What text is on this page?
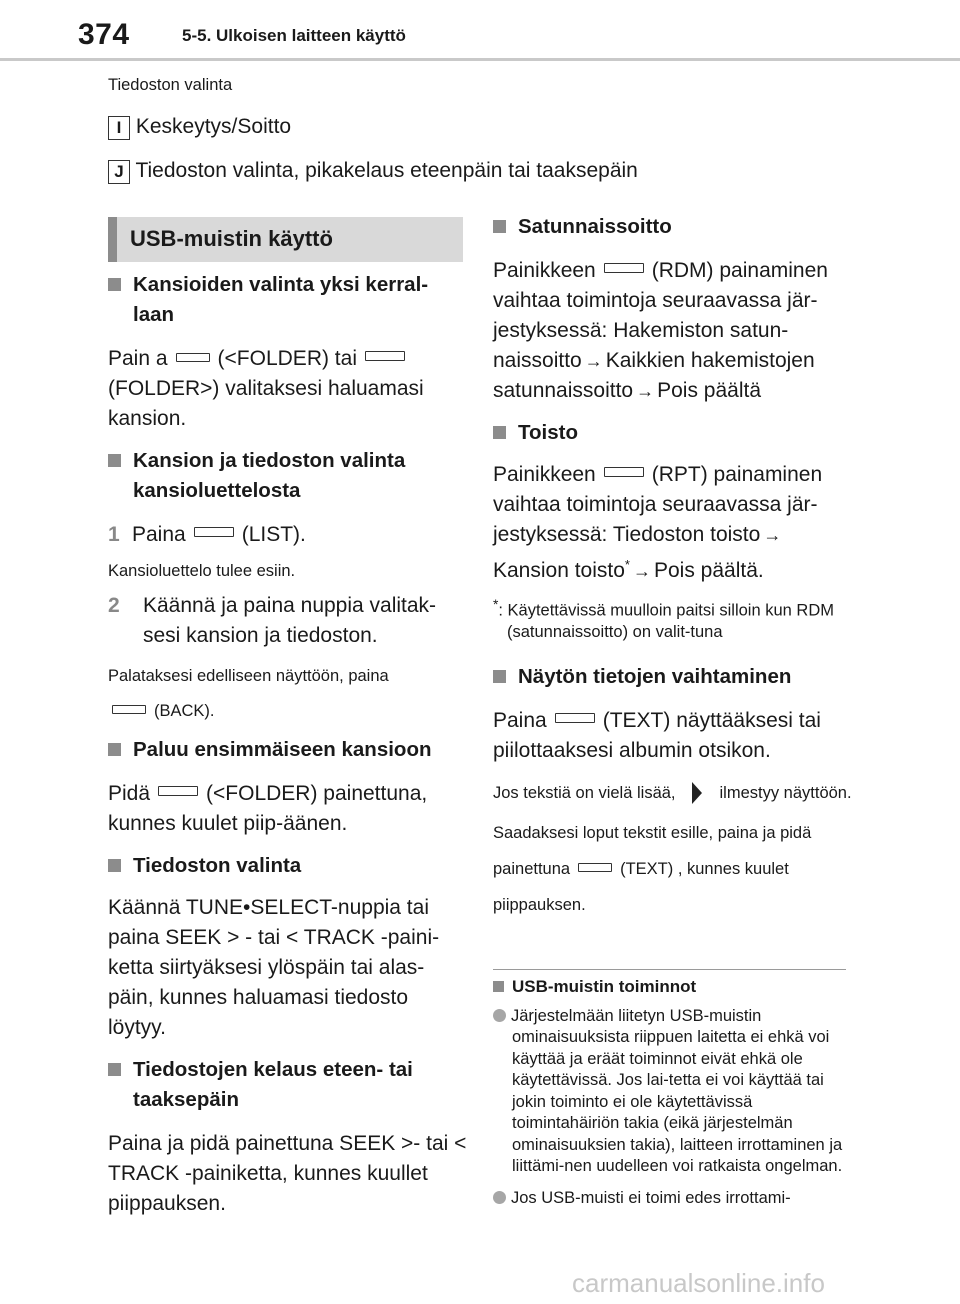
374	5-5. Ulkoisen laitteen käyttö
Tiedoston valinta
I Keskeytys/Soitto
J Tiedoston valinta, pikakelaus eteenpäin tai taaksepäin
USB-muistin käyttö
Kansioiden valinta yksi kerral-laan
Pain a (<FOLDER) tai(FOLDER>) valitaksesi haluamasi kansion.
Kansion ja tiedoston valinta kansioluettelosta
1 Paina	(LIST).
Kansioluettelo tulee esiin.
2 Käännä ja paina nuppia valitak-sesi kansion ja tiedoston.
Palataksesi edelliseen näyttöön, paina
(BACK).
Paluu ensimmäiseen kansioon
Pidä	(<FOLDER) painettuna, kunnes kuulet piip-äänen.
Tiedoston valinta
Käännä TUNE•SELECT-nuppia tai paina SEEK > - tai < TRACK -paini-ketta siirtyäksesi ylöspäin tai alas-päin, kunnes haluamasi tiedosto löytyy.
Tiedostojen kelaus eteen- tai taaksepäin
Paina ja pidä painettuna SEEK >- tai < TRACK -painiketta, kunnes kuullet piippauksen.
Satunnaissoitto
Painikkeen	(RDM) painaminen vaihtaa toimintoja seuraavassa jär-jestyksessä: Hakemiston satun-naissoitto → Kaikkien hakemistojen satunnaissoitto → Pois päältä
Toisto
Painikkeen	(RPT) painaminen vaihtaa toimintoja seuraavassa jär-jestyksessä: Tiedoston toisto →Kansion toisto* → Pois päältä.
*: Käytettävissä muulloin paitsi silloin kun RDM (satunnaissoitto) on valit-tuna
Näytön tietojen vaihtaminen
Paina	(TEXT) näyttääksesi tai piilottaaksesi albumin otsikon.
Jos tekstiä on vielä lisää,	ilmestyy näyttöön.
Saadaksesi loput tekstit esille, paina ja pidä painettuna	(TEXT) , kunnes kuulet piippauksen.
USB-muistin toiminnot
Järjestelmään liitetyn USB-muistin ominaisuuksista riippuen laitetta ei ehkä voi käyttää ja eräät toiminnot eivät ehkä ole käytettävissä. Jos lai-tetta ei voi käyttää tai jokin toiminto ei ole käytettävissä toimintahäiriön takia (eikä järjestelmän ominaisuuksien takia), laitteen irrottaminen ja liittämi-nen uudelleen voi ratkaista ongelman.
Jos USB-muisti ei toimi edes irrottami-
carmanualsonline.info
